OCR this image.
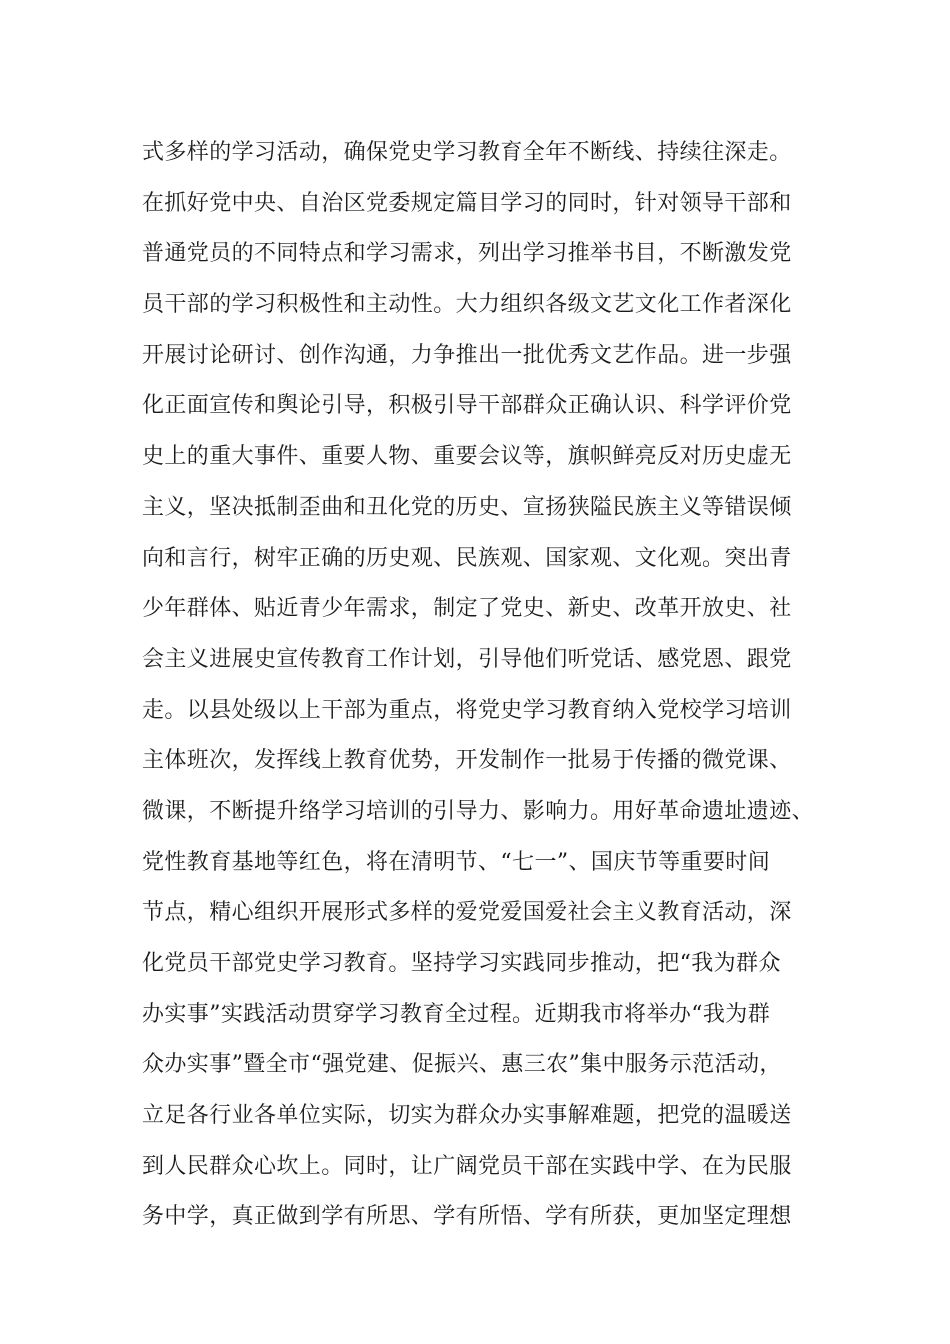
式多样的学习活动，确保党史学习教育全年不断线、持续往深走。
在抓好党中央、自治区党委规定篇目学习的同时，针对领导干部和
普通党员的不同特点和学习需求，列出学习推举书目，不断激发党
员干部的学习积极性和主动性。大力组织各级文艺文化工作者深化
开展讨论研讨、创作沟通，力争推出一批优秀文艺作品。进一步强
化正面宣传和舆论引导，积极引导干部群众正确认识、科学评价党
史上的重大事件、重要人物、重要会议等，旗帜鲜亮反对历史虚无
主义，坚决抵制歪曲和丑化党的历史、宣扬狭隘民族主义等错误倾
向和言行，树牢正确的历史观、民族观、国家观、文化观。突出青
少年群体、贴近青少年需求，制定了党史、新史、改革开放史、社
会主义进展史宣传教育工作计划，引导他们听党话、感党恩、跟党
走。以县处级以上干部为重点，将党史学习教育纳入党校学习培训
主体班次，发挥线上教育优势，开发制作一批易于传播的微党课、
微课，不断提升络学习培训的引导力、影响力。用好革命遗址遗迹、
党性教育基地等红色，将在清明节、“七一”、国庆节等重要时间
节点，精心组织开展形式多样的爱党爱国爱社会主义教育活动，深
化党员干部党史学习教育。坚持学习实践同步推动，把“我为群众
办实事”实践活动贯穿学习教育全过程。近期我市将举办“我为群
众办实事”暨全市“强党建、促振兴、惠三农”集中服务示范活动，
立足各行业各单位实际，切实为群众办实事解难题，把党的温暖送
到人民群众心坎上。同时，让广阔党员干部在实践中学、在为民服
务中学，真正做到学有所思、学有所悟、学有所获，更加坚定理想
